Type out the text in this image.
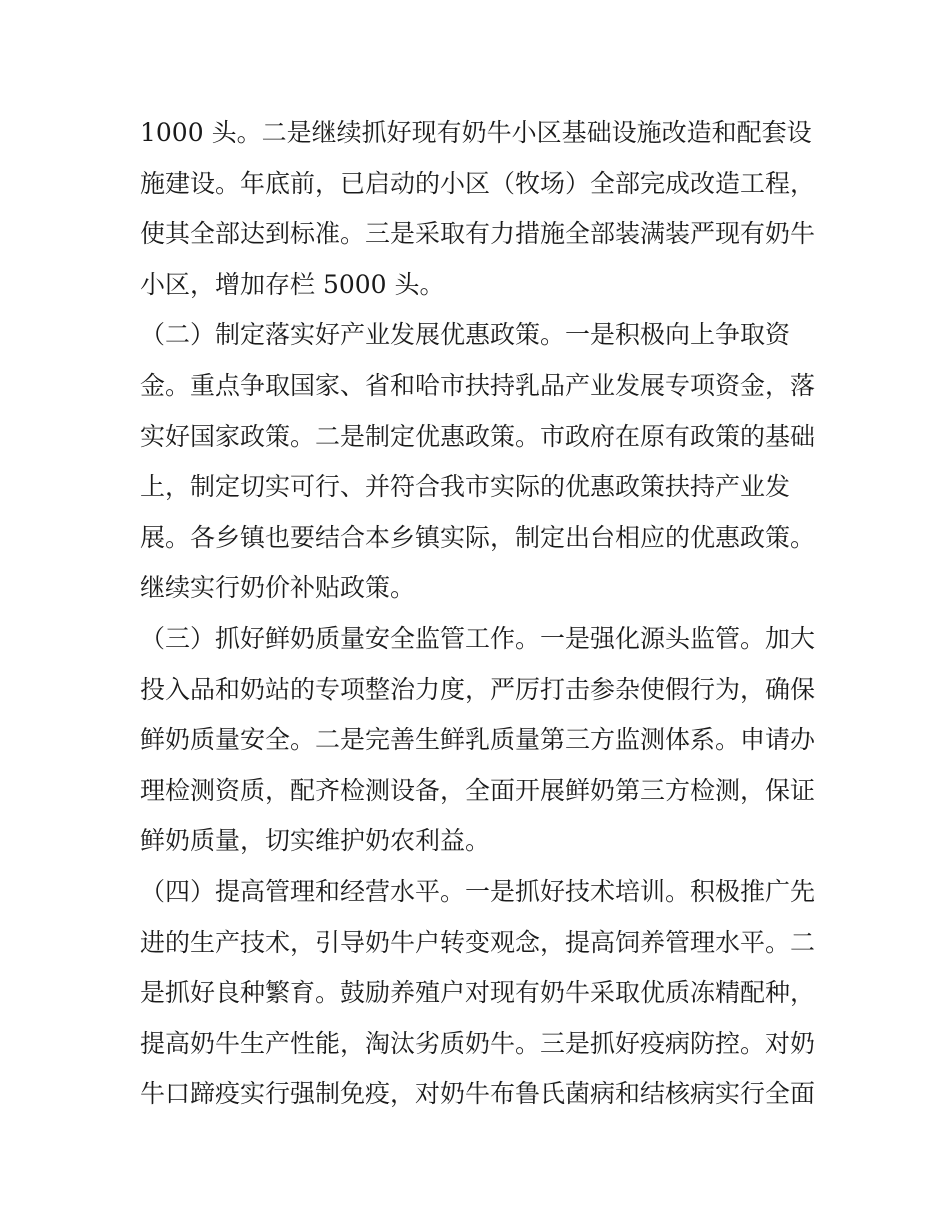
1000 头。二是继续抓好现有奶牛小区基础设施改造和配套设
施建设。年底前，已启动的小区（牧场）全部完成改造工程，
使其全部达到标准。三是采取有力措施全部装满装严现有奶牛
小区，增加存栏 5000 头。
（二）制定落实好产业发展优惠政策。一是积极向上争取资
金。重点争取国家、省和哈市扶持乳品产业发展专项资金，落
实好国家政策。二是制定优惠政策。市政府在原有政策的基础
上，制定切实可行、并符合我市实际的优惠政策扶持产业发
展。各乡镇也要结合本乡镇实际，制定出台相应的优惠政策。
继续实行奶价补贴政策。
（三）抓好鲜奶质量安全监管工作。一是强化源头监管。加大
投入品和奶站的专项整治力度，严厉打击参杂使假行为，确保
鲜奶质量安全。二是完善生鲜乳质量第三方监测体系。申请办
理检测资质，配齐检测设备，全面开展鲜奶第三方检测，保证
鲜奶质量，切实维护奶农利益。
（四）提高管理和经营水平。一是抓好技术培训。积极推广先
进的生产技术，引导奶牛户转变观念，提高饲养管理水平。二
是抓好良种繁育。鼓励养殖户对现有奶牛采取优质冻精配种，
提高奶牛生产性能，淘汰劣质奶牛。三是抓好疫病防控。对奶
牛口蹄疫实行强制免疫，对奶牛布鲁氏菌病和结核病实行全面
